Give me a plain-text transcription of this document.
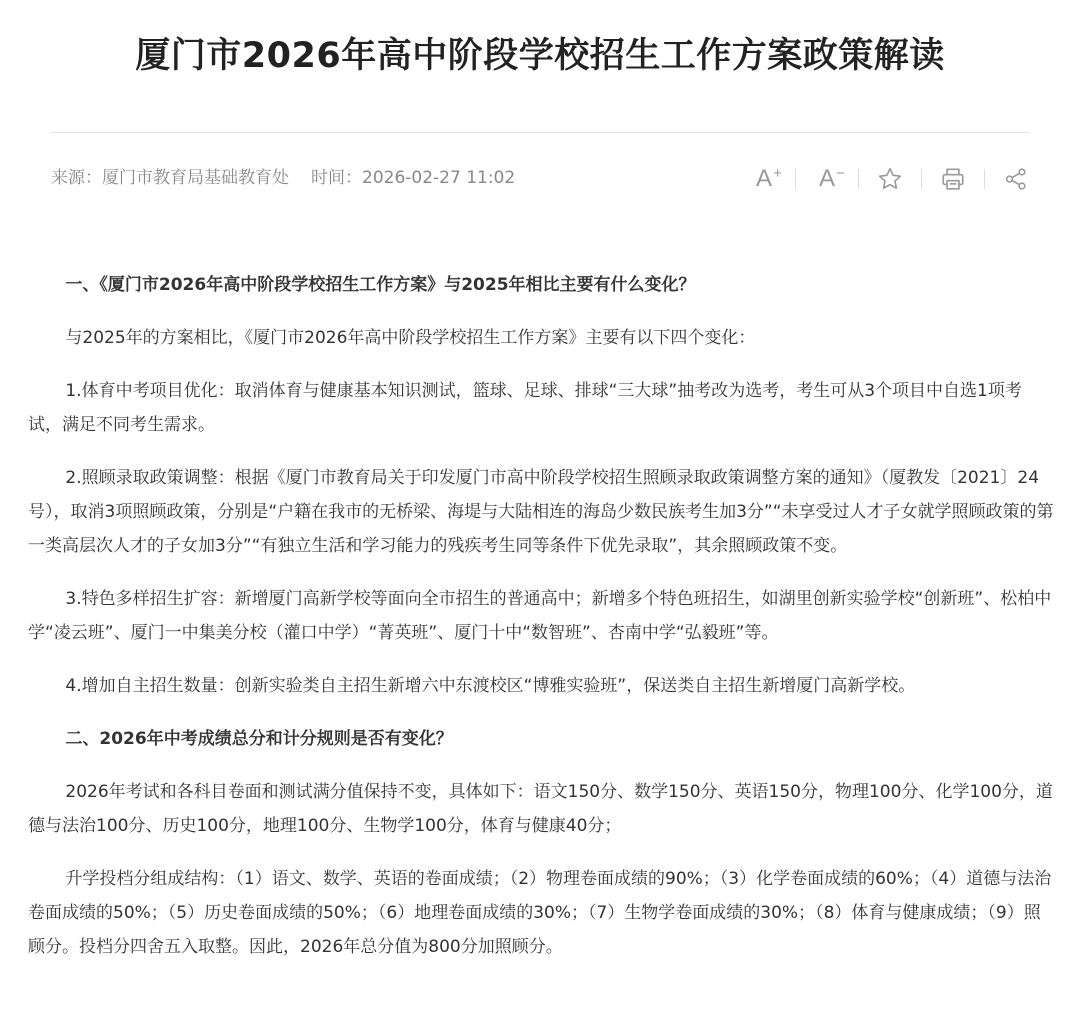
厦门市2026年高中阶段学校招生工作方案政策解读
来源：厦门市教育局基础教育处 时间：2026-02-27 11:02	A + A −

一、《厦门市2026年高中阶段学校招生工作方案》与2025年相比主要有什么变化？

与2025年的方案相比，《厦门市2026年高中阶段学校招生工作方案》主要有以下四个变化：

1.体育中考项目优化：取消体育与健康基本知识测试，篮球、足球、排球“三大球”抽考改为选考，考生可从3个项目中自选1项考试，满足不同考生需求。

2.照顾录取政策调整：根据《厦门市教育局关于印发厦门市高中阶段学校招生照顾录取政策调整方案的通知》（厦教发〔2021〕24号），取消3项照顾政策，分别是“户籍在我市的无桥梁、海堤与大陆相连的海岛少数民族考生加3分”“未享受过人才子女就学照顾政策的第一类高层次人才的子女加3分”“有独立生活和学习能力的残疾考生同等条件下优先录取”，其余照顾政策不变。

3.特色多样招生扩容：新增厦门高新学校等面向全市招生的普通高中；新增多个特色班招生，如湖里创新实验学校“创新班”、松柏中学“凌云班”、厦门一中集美分校（灌口中学）“菁英班”、厦门十中“数智班”、杏南中学“弘毅班”等。

4.增加自主招生数量：创新实验类自主招生新增六中东渡校区“博雅实验班”，保送类自主招生新增厦门高新学校。

二、2026年中考成绩总分和计分规则是否有变化？

2026年考试和各科目卷面和测试满分值保持不变，具体如下：语文150分、数学150分、英语150分，物理100分、化学100分，道德与法治100分、历史100分，地理100分、生物学100分，体育与健康40分；

升学投档分组成结构：（1）语文、数学、英语的卷面成绩；（2）物理卷面成绩的90%；（3）化学卷面成绩的60%；（4）道德与法治卷面成绩的50%；（5）历史卷面成绩的50%；（6）地理卷面成绩的30%；（7）生物学卷面成绩的30%；（8）体育与健康成绩；（9）照顾分。投档分四舍五入取整。因此，2026年总分值为800分加照顾分。
